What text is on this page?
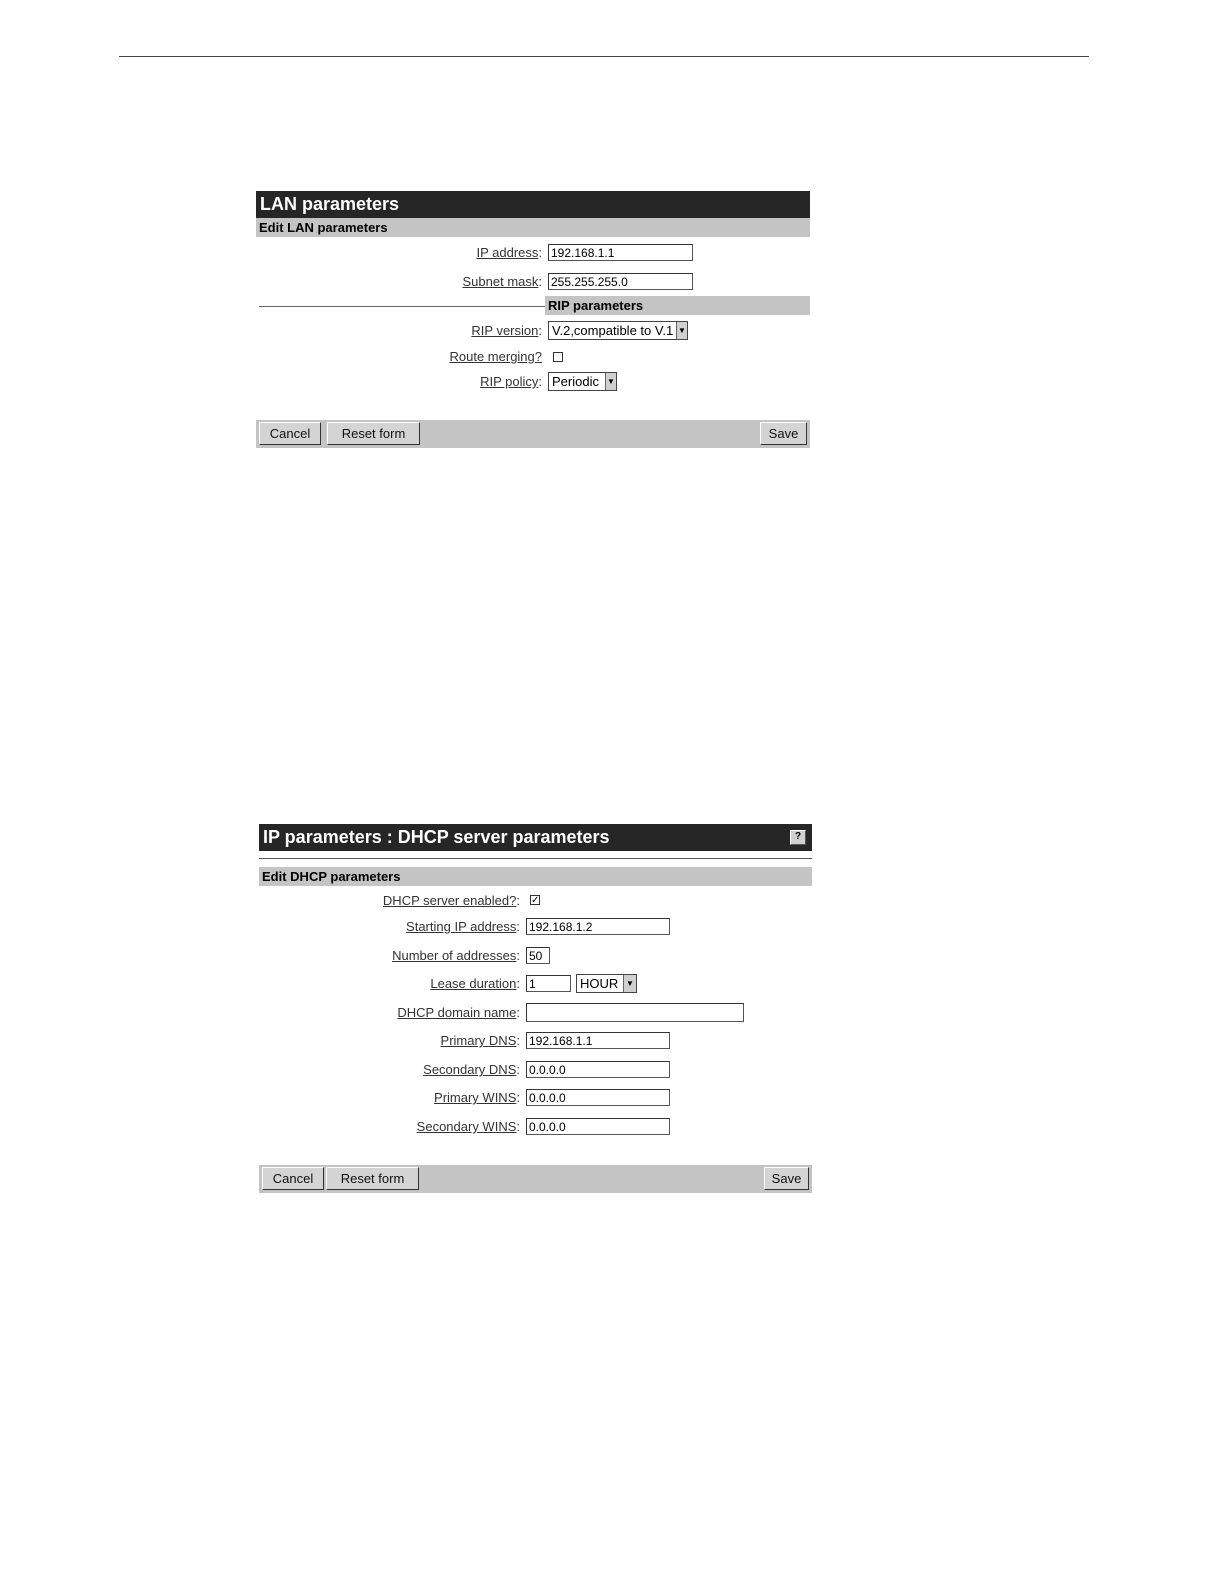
LAN parameters
Edit LAN parameters
IP address:
192.168.1.1
Subnet mask:
255.255.255.0
RIP parameters
RIP version: V.2,compatible to V.1 ▼
Route merging?
RIP policy: Periodic ▼
Cancel	Reset form	Save
IP parameters : DHCP server parameters	?
Edit DHCP parameters
DHCP server enabled?: ✓
Starting IP address:
192.168.1.2
Number of addresses:
50
Lease duration:
1	HOUR ▼
DHCP domain name:
Primary DNS:
192.168.1.1
Secondary DNS:
0.0.0.0
Primary WINS:
0.0.0.0
Secondary WINS:
0.0.0.0
Cancel	Reset form	Save
